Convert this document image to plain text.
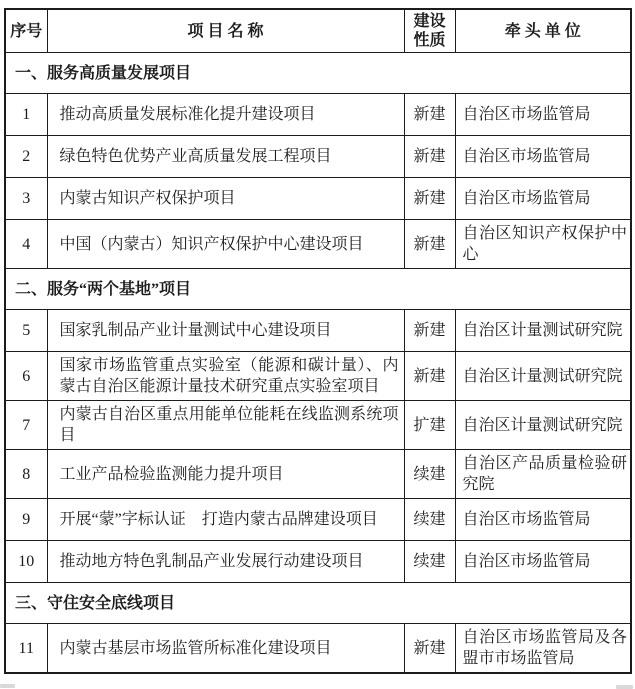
序号	项 目 名 称	建设性质	牵 头 单 位
一、服务高质量发展项目			
1	推动高质量发展标准化提升建设项目	新建	自治区市场监管局
2	绿色特色优势产业高质量发展工程项目	新建	自治区市场监管局
3	内蒙古知识产权保护项目	新建	自治区市场监管局
4	中国（内蒙古）知识产权保护中心建设项目	新建	自治区知识产权保护中心
二、服务“两个基地”项目			
5	国家乳制品产业计量测试中心建设项目	新建	自治区计量测试研究院
6	国家市场监管重点实验室（能源和碳计量）、内蒙古自治区能源计量技术研究重点实验室项目	新建	自治区计量测试研究院
7	内蒙古自治区重点用能单位能耗在线监测系统项目	扩建	自治区计量测试研究院
8	工业产品检验监测能力提升项目	续建	自治区产品质量检验研究院
9	开展“蒙”字标认证　打造内蒙古品牌建设项目	续建	自治区市场监管局
10	推动地方特色乳制品产业发展行动建设项目	续建	自治区市场监管局
三、守住安全底线项目			
11	内蒙古基层市场监管所标准化建设项目	新建	自治区市场监管局及各盟市市场监管局
